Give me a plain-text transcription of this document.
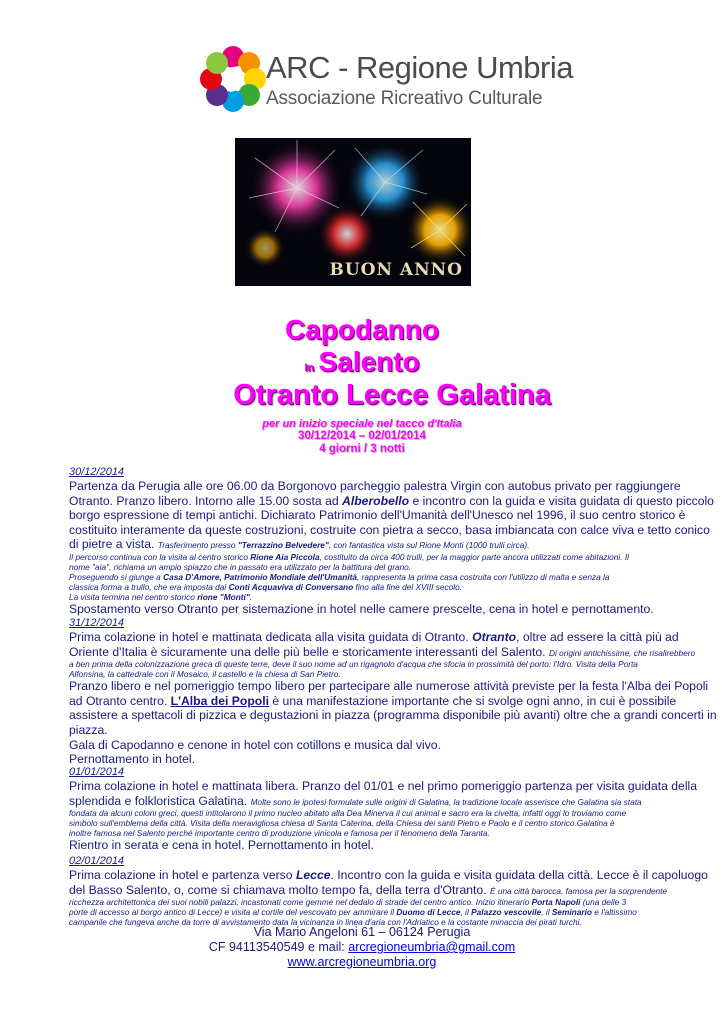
ARC - Regione Umbria
Associazione Ricreativo Culturale
BUON ANNO
Capodanno
In Salento
Otranto Lecce Galatina
per un inizio speciale nel tacco d'Italia
30/12/2014 – 02/01/2014
4 giorni / 3 notti
30/12/2014
Partenza da Perugia alle ore 06.00 da Borgonovo parcheggio palestra Virgin con autobus privato per raggiungere
Otranto. Pranzo libero. Intorno alle 15.00 sosta ad Alberobello e incontro con la guida e visita guidata di questo piccolo
borgo espressione di tempi antichi. Dichiarato Patrimonio dell'Umanità dell'Unesco nel 1996, il suo centro storico è
costituito interamente da queste costruzioni, costruite con pietra a secco, basa imbiancata con calce viva e tetto conico
di pietre a vista. Trasferimento presso "Terrazzino Belvedere", con fantastica vista sul Rione Monti (1000 trulli circa).
Il percorso continua con la visita al centro storico Rione Aia Piccola, costituito da circa 400 trulli, per la maggior parte ancora utilizzati come abitazioni. Il
nome "aia", richiama un ampio spiazzo che in passato era utilizzato per la battitura del grano.
Proseguendo si giunge a Casa D'Amore, Patrimonio Mondiale dell'Umanità, rappresenta la prima casa costruita con l'utilizzo di malta e senza la
classica forma a trullo, che era imposta dai Conti Acquaviva di Conversano fino alla fine del XVIII secolo.
La visita termina nel centro storico rione "Monti".
Spostamento verso Otranto per sistemazione in hotel nelle camere prescelte, cena in hotel e pernottamento.
31/12/2014
Prima colazione in hotel e mattinata dedicata alla visita guidata di Otranto. Otranto, oltre ad essere la città più ad
Oriente d'Italia è sicuramente una delle più belle e storicamente interessanti del Salento. Di origini antichissime, che risalirebbero
a ben prima della colonizzazione greca di queste terre, deve il suo nome ad un rigagnolo d'acqua che sfocia in prossimità del porto: l'Idro. Visita della Porta
Alfonsina, la cattedrale con il Mosaico, il castello e la chiesa di San Pietro.
Pranzo libero e nel pomeriggio tempo libero per partecipare alle numerose attività previste per la festa l'Alba dei Popoli
ad Otranto centro. L'Alba dei Popoli è una manifestazione importante che si svolge ogni anno, in cui è possibile
assistere a spettacoli di pizzica e degustazioni in piazza (programma disponibile più avanti) oltre che a grandi concerti in
piazza.
Gala di Capodanno e cenone in hotel con cotillons e musica dal vivo.
Pernottamento in hotel.
01/01/2014
Prima colazione in hotel e mattinata libera. Pranzo del 01/01 e nel primo pomeriggio partenza per visita guidata della
splendida e folkloristica Galatina. Molte sono le ipotesi formulate sulle origini di Galatina, la tradizione locale asserisce che Galatina sia stata
fondata da alcuni coloni greci, questi intitolarono il primo nucleo abitato alla Dea Minerva il cui animal e sacro era la civetta, infatti oggi lo troviamo come
simbolo sull'emblema della città. Visita della meravigliosa chiesa di Santa Caterina, della Chiesa dei santi Pietro e Paolo e il centro storico.Galatina è
inoltre famosa nel Salento perché importante centro di produzione vinicola e famosa per il fenomeno della Taranta.
Rientro in serata e cena in hotel. Pernottamento in hotel.
02/01/2014
Prima colazione in hotel e partenza verso Lecce. Incontro con la guida e visita guidata della città. Lecce è il capoluogo
del Basso Salento, o, come si chiamava molto tempo fa, della terra d'Otranto. È una città barocca, famosa per la sorprendente
ricchezza architettonica dei suoi nobili palazzi, incastonati come gemme nel dedalo di strade del centro antico. Inizio itinerario Porta Napoli (una delle 3
porte di accesso al borgo antico di Lecce) e visita al cortile del vescovato per ammirare il Duomo di Lecce, il Palazzo vescovile, il Seminario e l'altissimo
campanile che fungeva anche da torre di avvistamento data la vicinanza in linea d'aria con l'Adriatico e la costante minaccia dei pirati turchi.
Via Mario Angeloni 61 – 06124 Perugia
CF 94113540549 e mail: arcregioneumbria@gmail.com
www.arcregioneumbria.org
